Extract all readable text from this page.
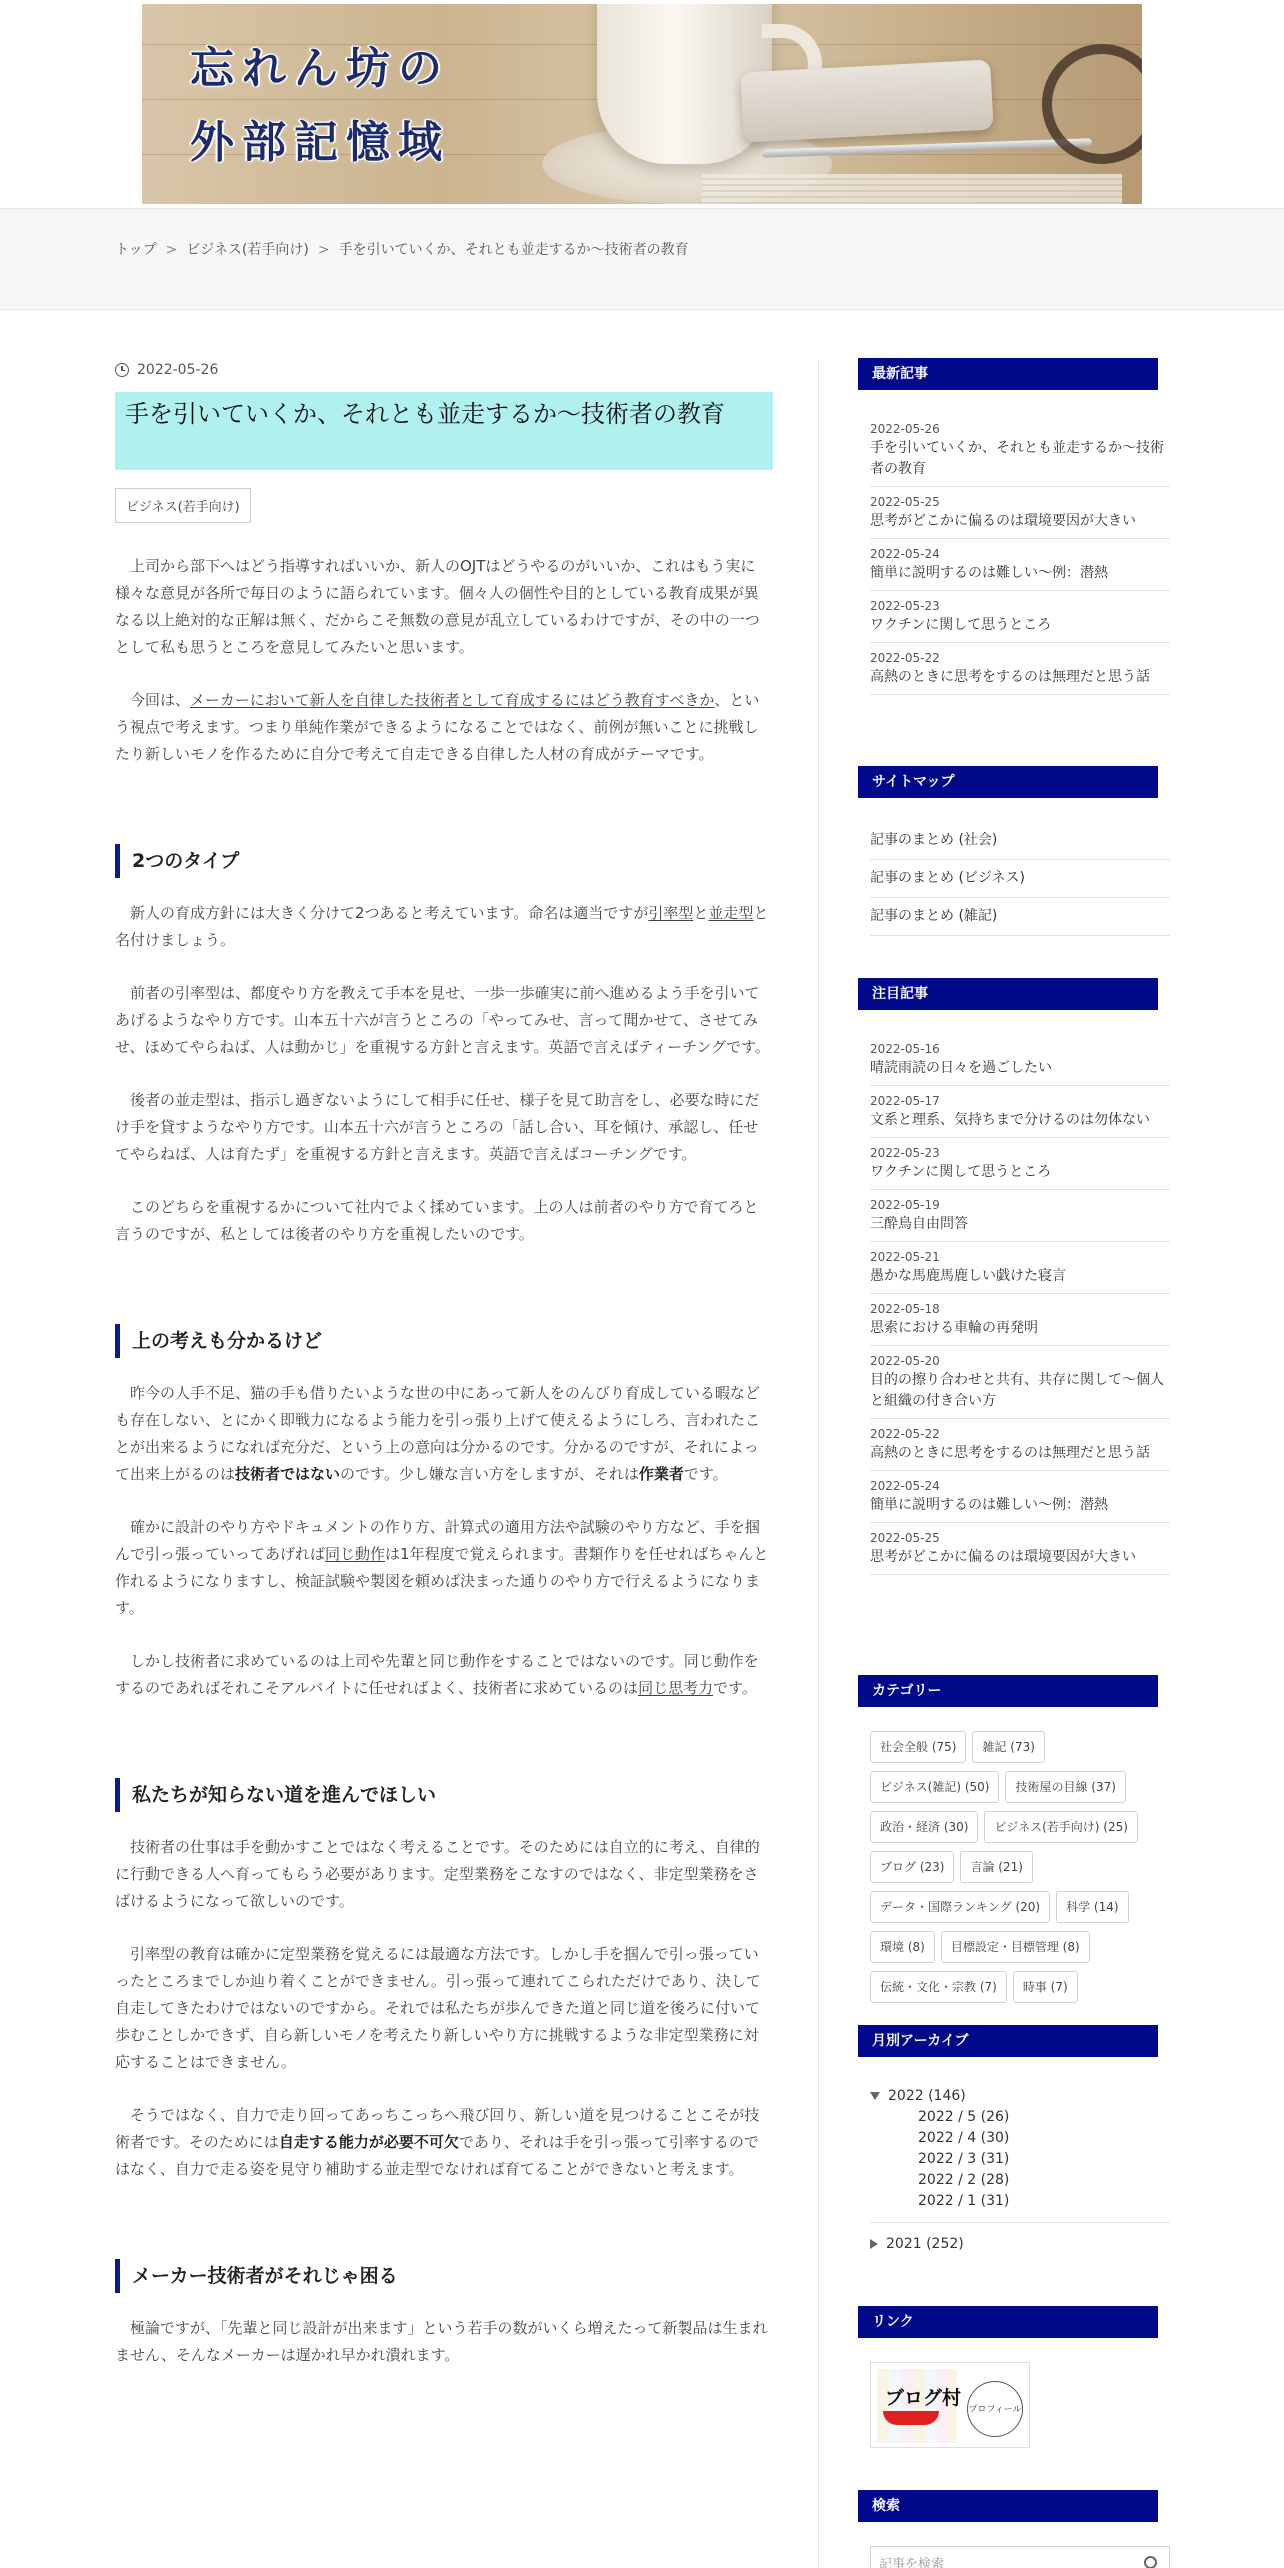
忘れん坊の
外部記憶域
トップ > ビジネス(若手向け) > 手を引いていくか、それとも並走するか～技術者の教育
2022-05-26
手を引いていくか、それとも並走するか～技術者の教育
ビジネス(若手向け)

上司から部下へはどう指導すればいいか、新人のOJTはどうやるのがいいか、これはもう実に様々な意見が各所で毎日のように語られています。個々人の個性や目的としている教育成果が異なる以上絶対的な正解は無く、だからこそ無数の意見が乱立しているわけですが、その中の一つとして私も思うところを意見してみたいと思います。

今回は、メーカーにおいて新人を自律した技術者として育成するにはどう教育すべきか、という視点で考えます。つまり単純作業ができるようになることではなく、前例が無いことに挑戦したり新しいモノを作るために自分で考えて自走できる自律した人材の育成がテーマです。

2つのタイプ

新人の育成方針には大きく分けて2つあると考えています。命名は適当ですが引率型と並走型と名付けましょう。

前者の引率型は、都度やり方を教えて手本を見せ、一歩一歩確実に前へ進めるよう手を引いてあげるようなやり方です。山本五十六が言うところの「やってみせ、言って聞かせて、させてみせ、ほめてやらねば、人は動かじ」を重視する方針と言えます。英語で言えばティーチングです。

後者の並走型は、指示し過ぎないようにして相手に任せ、様子を見て助言をし、必要な時にだけ手を貸すようなやり方です。山本五十六が言うところの「話し合い、耳を傾け、承認し、任せてやらねば、人は育たず」を重視する方針と言えます。英語で言えばコーチングです。

このどちらを重視するかについて社内でよく揉めています。上の人は前者のやり方で育てろと言うのですが、私としては後者のやり方を重視したいのです。

上の考えも分かるけど

昨今の人手不足、猫の手も借りたいような世の中にあって新人をのんびり育成している暇なども存在しない、とにかく即戦力になるよう能力を引っ張り上げて使えるようにしろ、言われたことが出来るようになれば充分だ、という上の意向は分かるのです。分かるのですが、それによって出来上がるのは技術者ではないのです。少し嫌な言い方をしますが、それは作業者です。

確かに設計のやり方やドキュメントの作り方、計算式の適用方法や試験のやり方など、手を掴んで引っ張っていってあげれば同じ動作は1年程度で覚えられます。書類作りを任せればちゃんと作れるようになりますし、検証試験や製図を頼めば決まった通りのやり方で行えるようになります。

しかし技術者に求めているのは上司や先輩と同じ動作をすることではないのです。同じ動作をするのであればそれこそアルバイトに任せればよく、技術者に求めているのは同じ思考力です。

私たちが知らない道を進んでほしい

技術者の仕事は手を動かすことではなく考えることです。そのためには自立的に考え、自律的に行動できる人へ育ってもらう必要があります。定型業務をこなすのではなく、非定型業務をさばけるようになって欲しいのです。

引率型の教育は確かに定型業務を覚えるには最適な方法です。しかし手を掴んで引っ張っていったところまでしか辿り着くことができません。引っ張って連れてこられただけであり、決して自走してきたわけではないのですから。それでは私たちが歩んできた道と同じ道を後ろに付いて歩むことしかできず、自ら新しいモノを考えたり新しいやり方に挑戦するような非定型業務に対応することはできません。

そうではなく、自力で走り回ってあっちこっちへ飛び回り、新しい道を見つけることこそが技術者です。そのためには自走する能力が必要不可欠であり、それは手を引っ張って引率するのではなく、自力で走る姿を見守り補助する並走型でなければ育てることができないと考えます。

メーカー技術者がそれじゃ困る

極論ですが、「先輩と同じ設計が出来ます」という若手の数がいくら増えたって新製品は生まれません、そんなメーカーは遅かれ早かれ潰れます。

最新記事
2022-05-26
手を引いていくか、それとも並走するか～技術者の教育
2022-05-25
思考がどこかに偏るのは環境要因が大きい
2022-05-24
簡単に説明するのは難しい～例：潜熱
2022-05-23
ワクチンに関して思うところ
2022-05-22
高熱のときに思考をするのは無理だと思う話
サイトマップ
記事のまとめ (社会)
記事のまとめ (ビジネス)
記事のまとめ (雑記)
注目記事
2022-05-16
晴読雨読の日々を過ごしたい
2022-05-17
文系と理系、気持ちまで分けるのは勿体ない
2022-05-23
ワクチンに関して思うところ
2022-05-19
三酔鳥自由問答
2022-05-21
愚かな馬鹿馬鹿しい戯けた寝言
2022-05-18
思索における車輪の再発明
2022-05-20
目的の擦り合わせと共有、共存に関して～個人と組織の付き合い方
2022-05-22
高熱のときに思考をするのは無理だと思う話
2022-05-24
簡単に説明するのは難しい～例：潜熱
2022-05-25
思考がどこかに偏るのは環境要因が大きい
カテゴリー
社会全般 (75)	雑記 (73)
ビジネス(雑記) (50)	技術屋の目線 (37)
政治・経済 (30)	ビジネス(若手向け) (25)
ブログ (23)	言論 (21)
データ・国際ランキング (20)	科学 (14)
環境 (8)	目標設定・目標管理 (8)
伝統・文化・宗教 (7)	時事 (7)
月別アーカイブ
2022 (146)
2022 / 5 (26)
2022 / 4 (30)
2022 / 3 (31)
2022 / 2 (28)
2022 / 1 (31)
2021 (252)
リンク
ブログ村
プロフィール
検索
記事を検索
